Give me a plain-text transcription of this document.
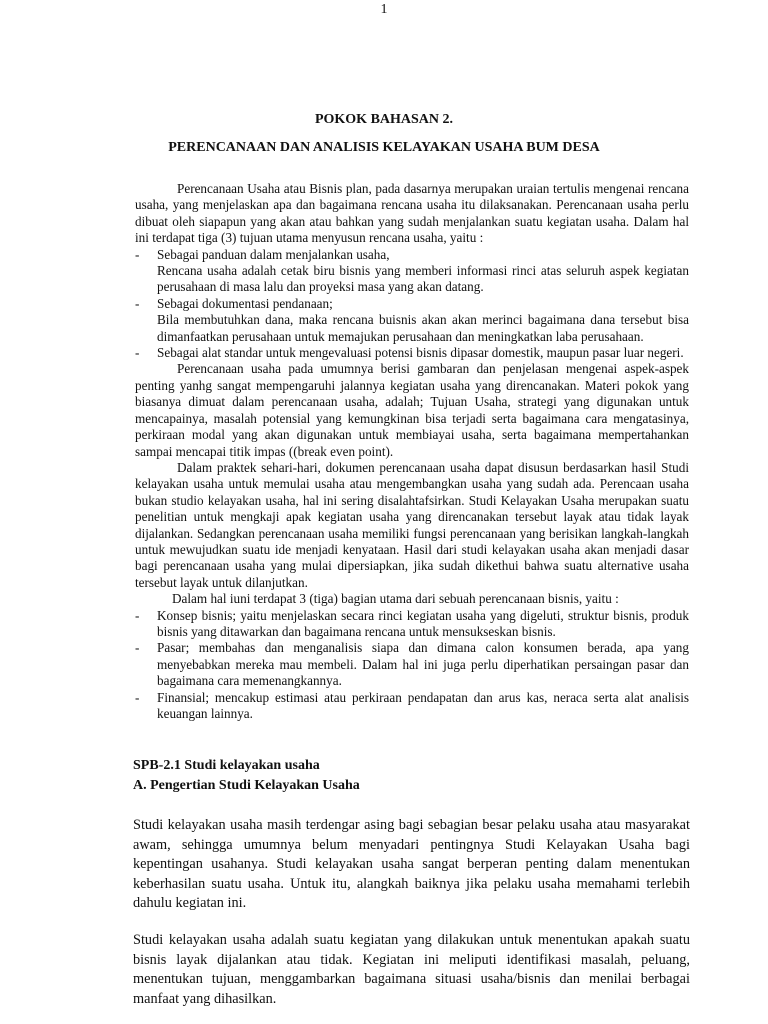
1
POKOK BAHASAN 2.
PERENCANAAN DAN ANALISIS KELAYAKAN USAHA BUM DESA

Perencanaan Usaha atau Bisnis plan, pada dasarnya merupakan uraian tertulis mengenai rencana usaha, yang menjelaskan apa dan bagaimana rencana usaha itu dilaksanakan. Perencanaan usaha perlu dibuat oleh siapapun yang akan atau bahkan yang sudah menjalankan suatu kegiatan usaha. Dalam hal ini terdapat tiga (3) tujuan utama menyusun rencana usaha, yaitu :

- Sebagai panduan dalam menjalankan usaha,
Rencana usaha adalah cetak biru bisnis yang memberi informasi rinci atas seluruh aspek kegiatan perusahaan di masa lalu dan proyeksi masa yang akan datang.
- Sebagai dokumentasi pendanaan;
Bila membutuhkan dana, maka rencana buisnis akan akan merinci bagaimana dana tersebut bisa dimanfaatkan perusahaan untuk memajukan perusahaan dan meningkatkan laba perusahaan.
- Sebagai alat standar untuk mengevaluasi potensi bisnis dipasar domestik, maupun pasar luar negeri.

Perencanaan usaha pada umumnya berisi gambaran dan penjelasan mengenai aspek-aspek penting yanhg sangat mempengaruhi jalannya kegiatan usaha yang direncanakan. Materi pokok yang biasanya dimuat dalam perencanaan usaha, adalah; Tujuan Usaha, strategi yang digunakan untuk mencapainya, masalah potensial yang kemungkinan bisa terjadi serta bagaimana cara mengatasinya, perkiraan modal yang akan digunakan untuk membiayai usaha, serta bagaimana mempertahankan sampai mencapai titik impas ((break even point).

Dalam praktek sehari-hari, dokumen perencanaan usaha dapat disusun berdasarkan hasil Studi kelayakan usaha untuk memulai usaha atau mengembangkan usaha yang sudah ada. Perencaan usaha bukan studio kelayakan usaha, hal ini sering disalahtafsirkan. Studi Kelayakan Usaha merupakan suatu penelitian untuk mengkaji apak kegiatan usaha yang direncanakan tersebut layak atau tidak layak dijalankan. Sedangkan perencanaan usaha memiliki fungsi perencanaan yang berisikan langkah-langkah untuk mewujudkan suatu ide menjadi kenyataan. Hasil dari studi kelayakan usaha akan menjadi dasar bagi perencanaan usaha yang mulai dipersiapkan, jika sudah dikethui bahwa suatu alternative usaha tersebut layak untuk dilanjutkan.

Dalam hal iuni terdapat 3 (tiga) bagian utama dari sebuah perencanaan bisnis, yaitu :

- Konsep bisnis; yaitu menjelaskan secara rinci kegiatan usaha yang digeluti, struktur bisnis, produk bisnis yang ditawarkan dan bagaimana rencana untuk mensukseskan bisnis.
- Pasar; membahas dan menganalisis siapa dan dimana calon konsumen berada, apa yang menyebabkan mereka mau membeli. Dalam hal ini juga perlu diperhatikan persaingan pasar dan bagaimana cara memenangkannya.
- Finansial; mencakup estimasi atau perkiraan pendapatan dan arus kas, neraca serta alat analisis keuangan lainnya.
SPB-2.1 Studi kelayakan usaha
A. Pengertian Studi Kelayakan Usaha

Studi kelayakan usaha masih terdengar asing bagi sebagian besar pelaku usaha atau masyarakat awam, sehingga umumnya belum menyadari pentingnya Studi Kelayakan Usaha bagi kepentingan usahanya. Studi kelayakan usaha sangat berperan penting dalam menentukan keberhasilan suatu usaha. Untuk itu, alangkah baiknya jika pelaku usaha memahami terlebih dahulu kegiatan ini.

Studi kelayakan usaha adalah suatu kegiatan yang dilakukan untuk menentukan apakah suatu bisnis layak dijalankan atau tidak. Kegiatan ini meliputi identifikasi masalah, peluang, menentukan tujuan, menggambarkan bagaimana situasi usaha/bisnis dan menilai berbagai manfaat yang dihasilkan.
